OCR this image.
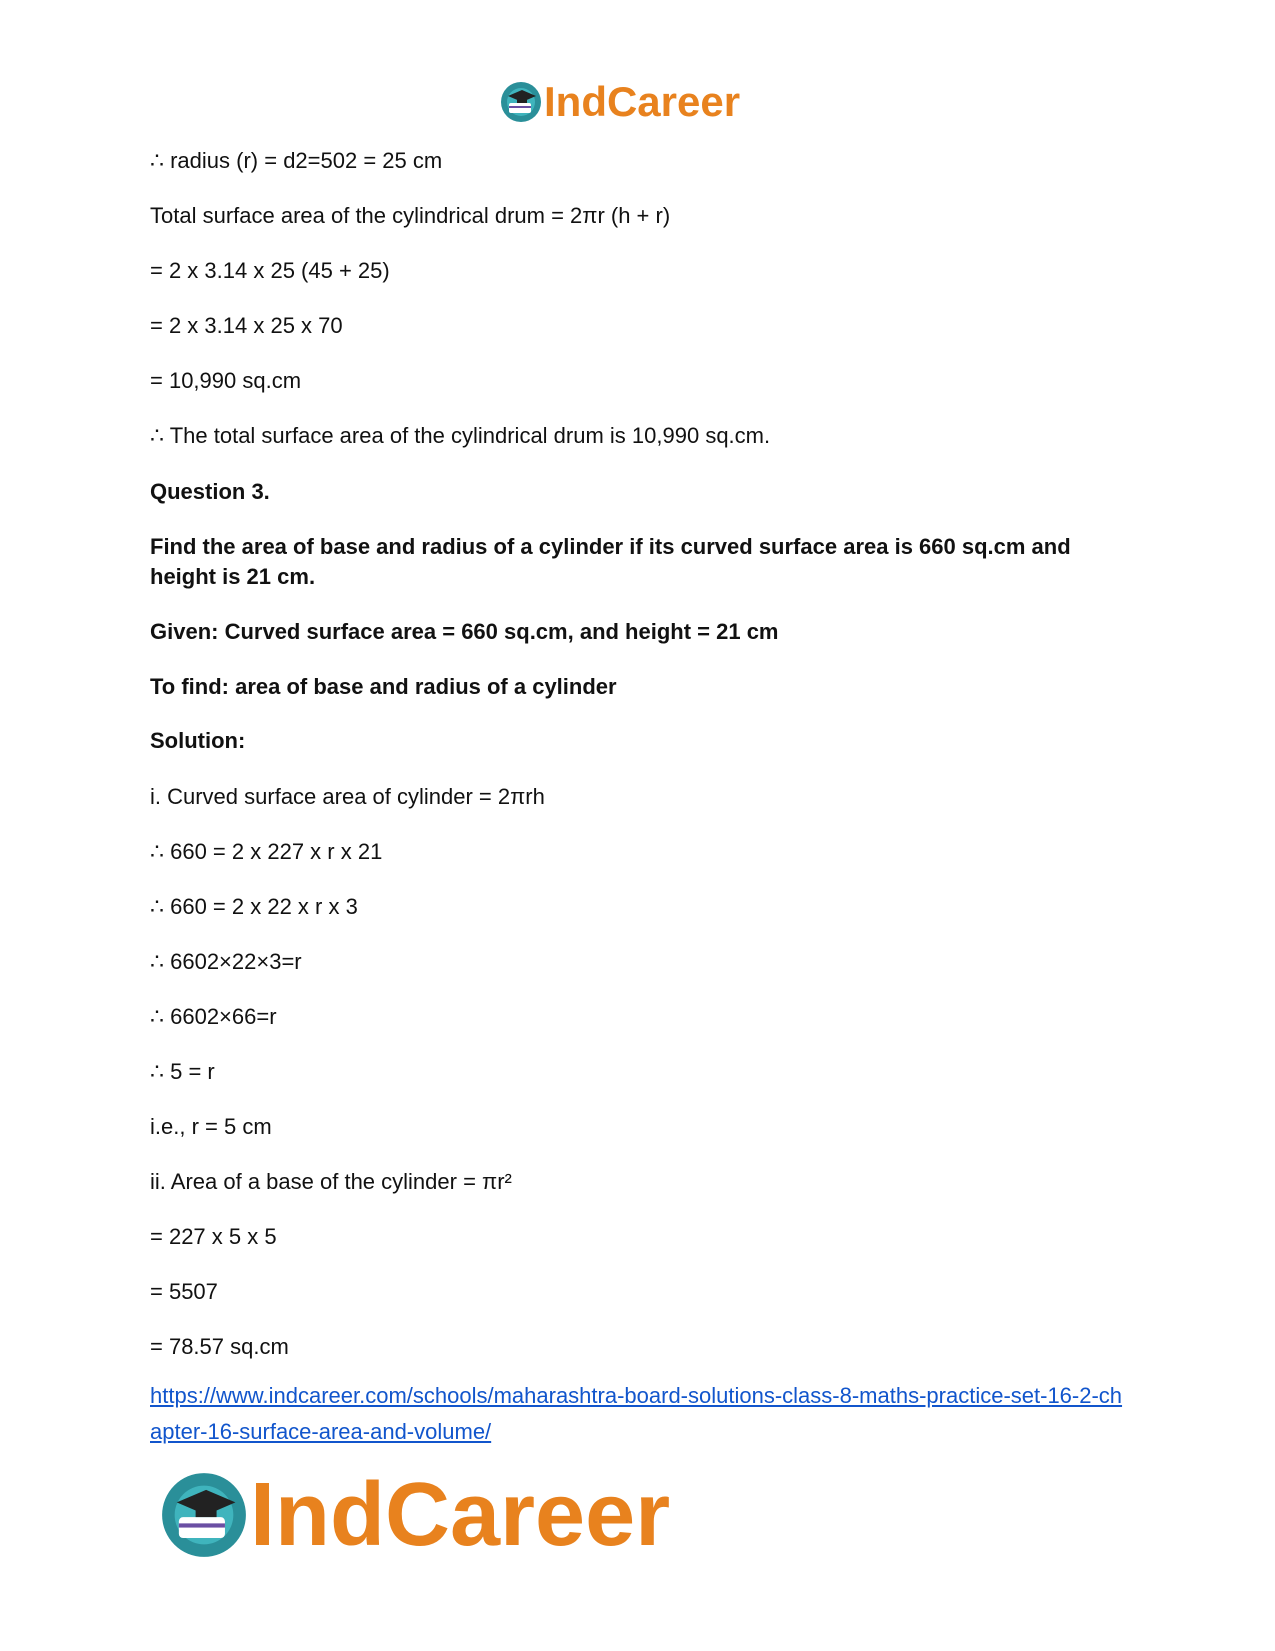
IndCareer
∴ radius (r) = d2=502 = 25 cm
Total surface area of the cylindrical drum = 2πr (h + r)
= 2 x 3.14 x 25 (45 + 25)
= 2 x 3.14 x 25 x 70
= 10,990 sq.cm
∴ The total surface area of the cylindrical drum is 10,990 sq.cm.
Question 3.
Find the area of base and radius of a cylinder if its curved surface area is 660 sq.cm and height is 21 cm.
Given: Curved surface area = 660 sq.cm, and height = 21 cm
To find: area of base and radius of a cylinder
Solution:
i. Curved surface area of cylinder = 2πrh
∴ 660 = 2 x 227 x r x 21
∴ 660 = 2 x 22 x r x 3
∴ 6602×22×3=r
∴ 6602×66=r
∴ 5 = r
i.e., r = 5 cm
ii. Area of a base of the cylinder = πr²
= 227 x 5 x 5
= 5507
= 78.57 sq.cm
https://www.indcareer.com/schools/maharashtra-board-solutions-class-8-maths-practice-set-16-2-chapter-16-surface-area-and-volume/
IndCareer
